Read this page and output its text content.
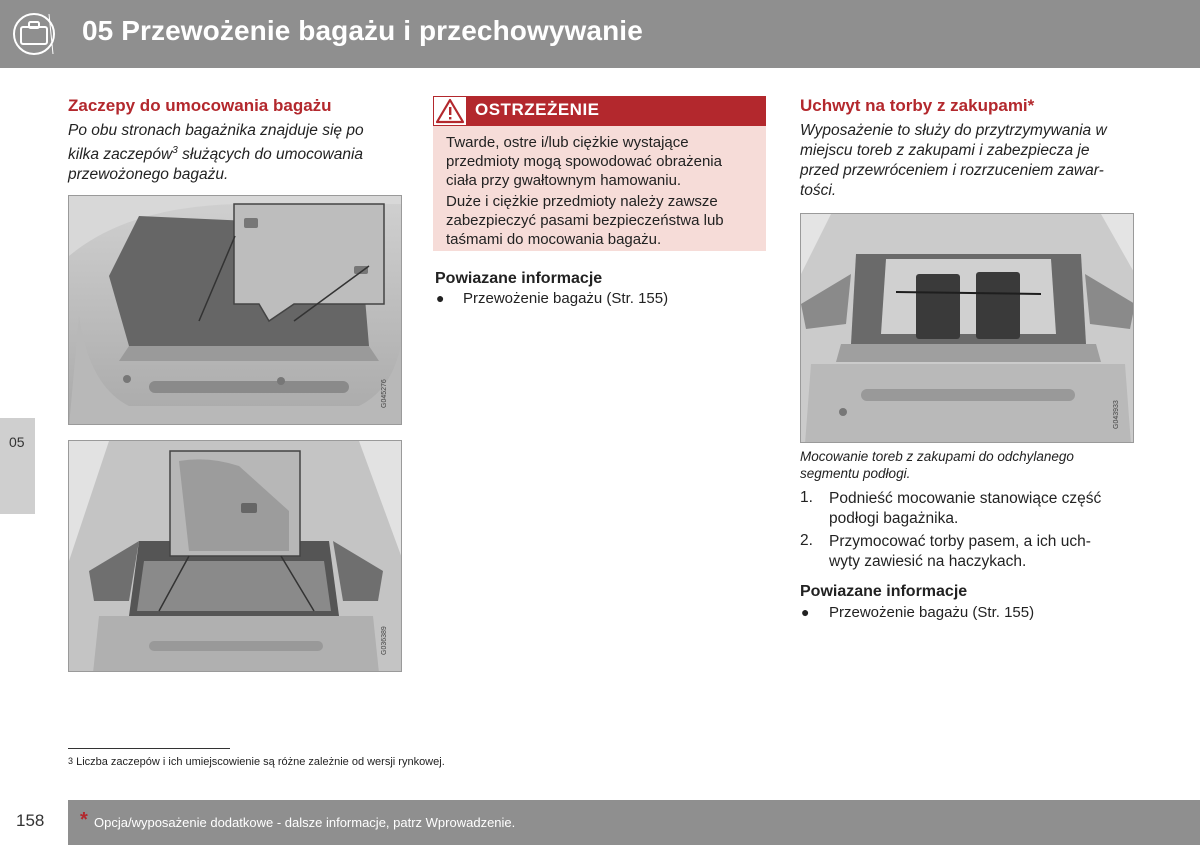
05 Przewożenie bagażu i przechowywanie
05
Zaczepy do umocowania bagażu
Po obu stronach bagażnika znajduje się po
kilka zaczepów$^3$ służących do umocowania
przewożonego bagażu.
G045276
G036389
OSTRZEŻENIE
Twarde, ostre i/lub ciężkie wystające
przedmioty mogą spowodować obrażenia
ciała przy gwałtownym hamowaniu.
Duże i ciężkie przedmioty należy zawsze
zabezpieczyć pasami bezpieczeństwa lub
taśmami do mocowania bagażu.
Powiazane informacje
● Przewożenie bagażu (Str. 155)
Uchwyt na torby z zakupami*
Wyposażenie to służy do przytrzymywania w
miejscu toreb z zakupami i zabezpiecza je
przed przewróceniem i rozrzuceniem zawar-
tości.
G043933
Mocowanie toreb z zakupami do odchylanego
segmentu podłogi.
1. Podnieść mocowanie stanowiące część
podłogi bagażnika.
2. Przymocować torby pasem, a ich uch-
wyty zawiesić na haczykach.
Powiazane informacje
● Przewożenie bagażu (Str. 155)
$^3$ Liczba zaczepów i ich umiejscowienie są różne zależnie od wersji rynkowej.
158 * Opcja/wyposażenie dodatkowe - dalsze informacje, patrz Wprowadzenie.
